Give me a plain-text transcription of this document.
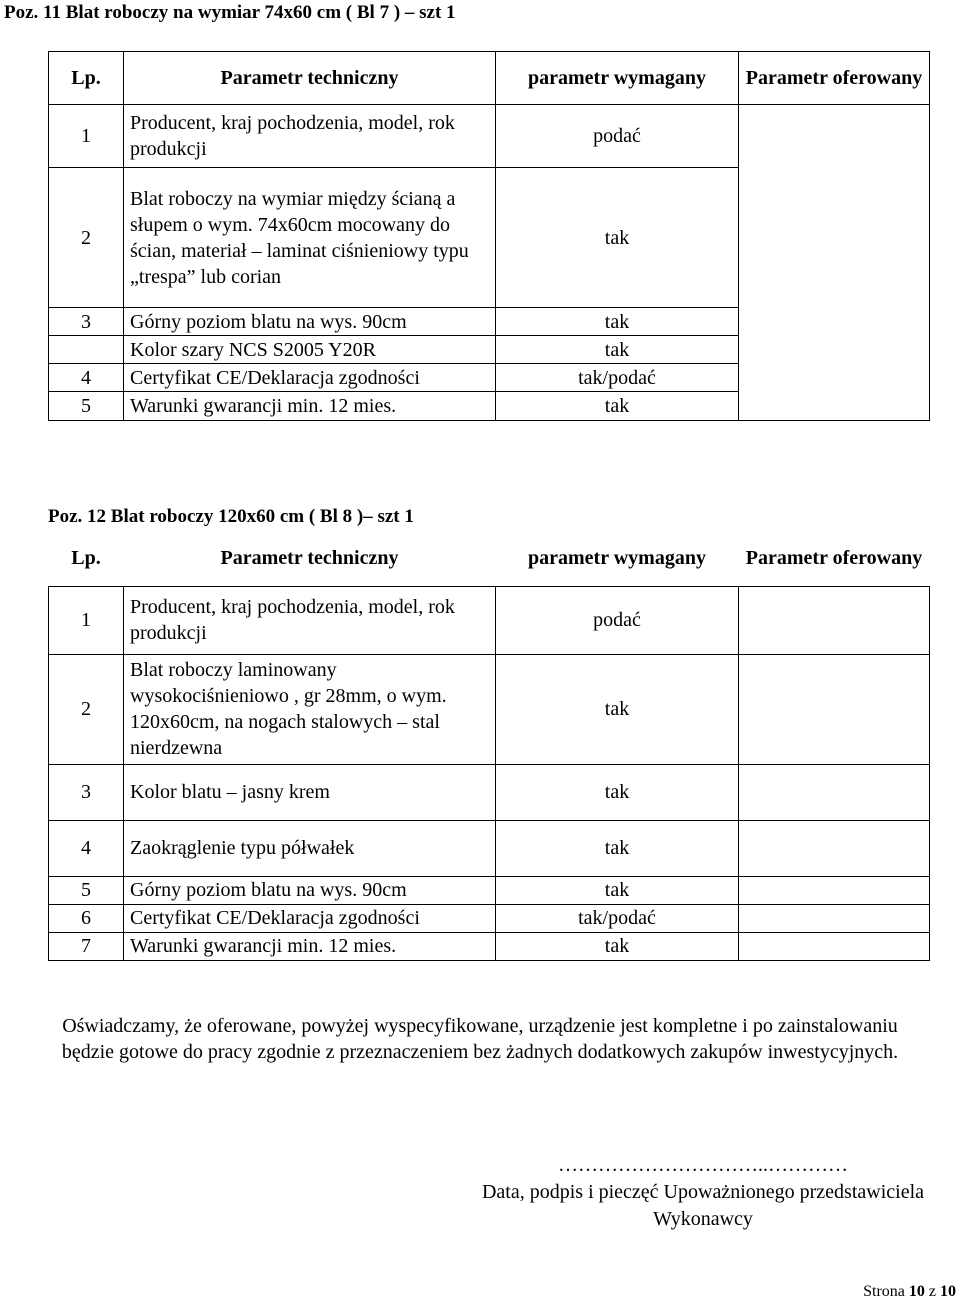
Poz. 11 Blat roboczy na wymiar 74x60 cm ( Bl 7 ) – szt 1
Lp.	Parametr techniczny	parametr wymagany	Parametr oferowany
1	Producent, kraj pochodzenia, model, rok produkcji	podać	
2	Blat roboczy na wymiar między ścianą a słupem o wym. 74x60cm mocowany do ścian, materiał – laminat ciśnieniowy typu „trespa” lub corian	tak	
3	Górny poziom blatu na wys. 90cm	tak	
	Kolor szary NCS S2005 Y20R	tak	
4	Certyfikat CE/Deklaracja zgodności	tak/podać	
5	Warunki gwarancji min. 12 mies.	tak	
Poz. 12 Blat roboczy 120x60 cm ( Bl 8 )– szt 1
Lp.	Parametr techniczny	parametr wymagany	Parametr oferowany
1	Producent, kraj pochodzenia, model, rok produkcji	podać	
2	Blat roboczy laminowany wysokociśnieniowo , gr 28mm, o wym. 120x60cm, na nogach stalowych – stal nierdzewna	tak	
3	Kolor blatu – jasny krem	tak	
4	Zaokrąglenie typu półwałek	tak	
5	Górny poziom blatu na wys. 90cm	tak	
6	Certyfikat CE/Deklaracja zgodności	tak/podać	
7	Warunki gwarancji min. 12 mies.	tak	
Oświadczamy, że oferowane, powyżej wyspecyfikowane, urządzenie jest kompletne i po zainstalowaniu będzie gotowe do pracy zgodnie z przeznaczeniem bez żadnych dodatkowych zakupów inwestycyjnych.
…………………………..…………
Data, podpis i pieczęć Upoważnionego przedstawiciela Wykonawcy
Strona 10 z 10
